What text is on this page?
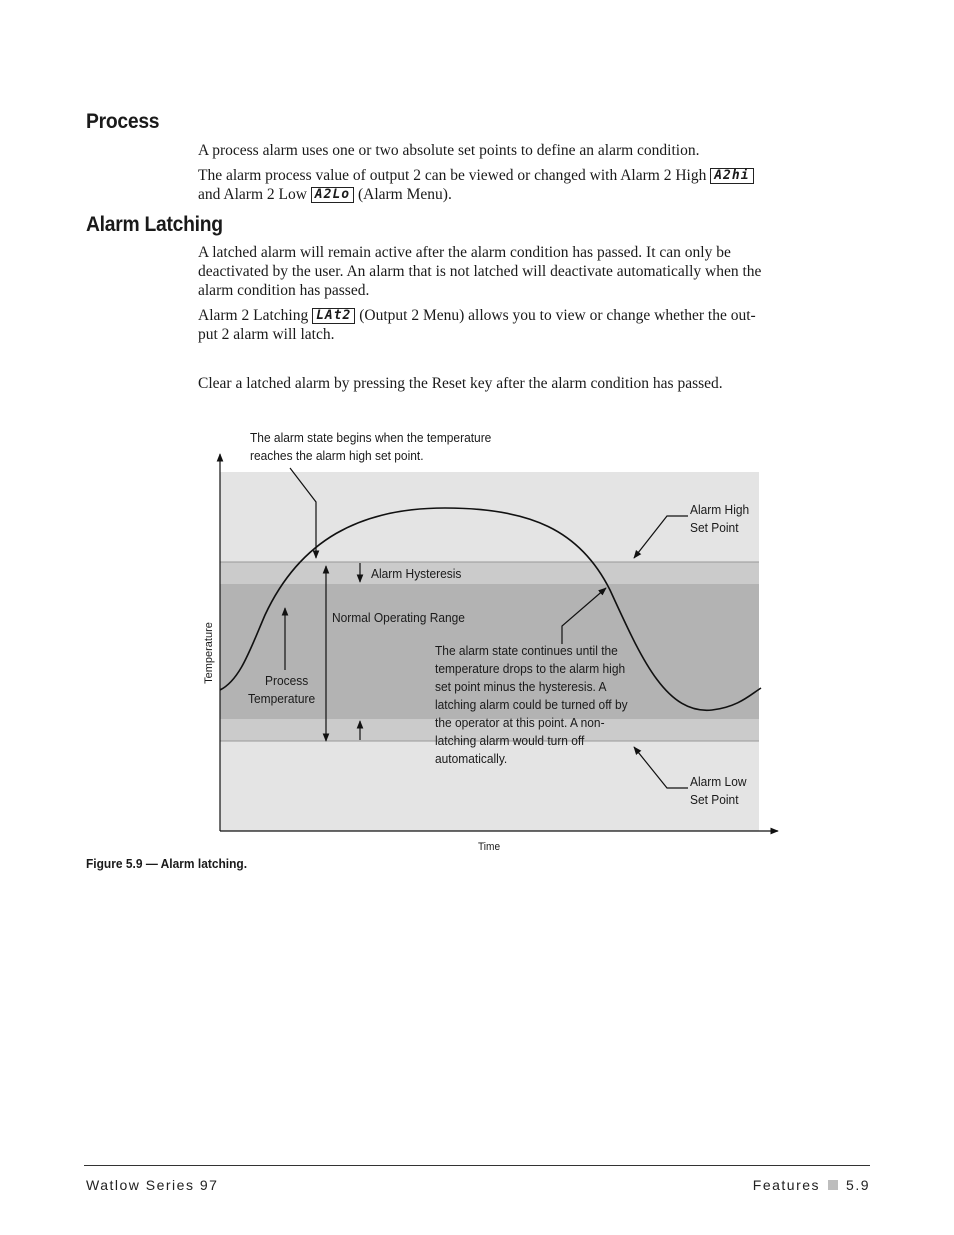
Process

A process alarm uses one or two absolute set points to define an alarm condition.

The alarm process value of output 2 can be viewed or changed with Alarm 2 High A2hi
and Alarm 2 Low A2Lo (Alarm Menu).

Alarm Latching

A latched alarm will remain active after the alarm condition has passed. It can only be
deactivated by the user. An alarm that is not latched will deactivate automatically when the
alarm condition has passed.

Alarm 2 Latching LAt2 (Output 2 Menu) allows you to view or change whether the out-
put 2 alarm will latch.

Clear a latched alarm by pressing the Reset key after the alarm condition has passed.

The alarm state begins when the temperature
reaches the alarm high set point.

Alarm High
Set Point

Alarm Hysteresis

Normal Operating Range

Process
Temperature

The alarm state continues until the
temperature drops to the alarm high
set point minus the hysteresis. A
latching alarm could be turned off by
the operator at this point. A non-
latching alarm would turn off
automatically.

Alarm Low
Set Point

Temperature

Time

Figure 5.9 — Alarm latching.

Watlow Series 97	Features 5.9
